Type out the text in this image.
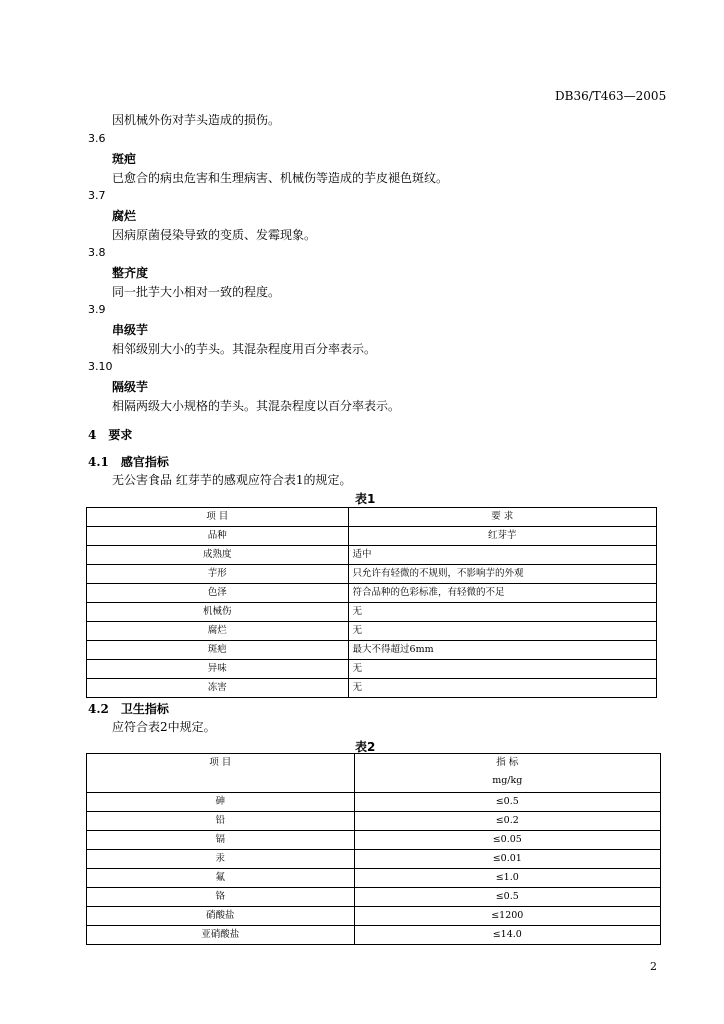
DB36/T463—2005
因机械外伤对芋头造成的损伤。
3.6
斑疤
已愈合的病虫危害和生理病害、机械伤等造成的芋皮褪色斑纹。
3.7
腐烂
因病原菌侵染导致的变质、发霉现象。
3.8
整齐度
同一批芋大小相对一致的程度。
3.9
串级芋
相邻级别大小的芋头。其混杂程度用百分率表示。
3.10
隔级芋
相隔两级大小规格的芋头。其混杂程度以百分率表示。
4　要求
4.1　感官指标
无公害食品 红芽芋的感观应符合表1的规定。
表1
项 目	要 求
品种	红芽芋
成熟度	适中
芋形	只允许有轻微的不规则，不影响芋的外观
色泽	符合品种的色彩标准，有轻微的不足
机械伤	无
腐烂	无
斑疤	最大不得超过6mm
异味	无
冻害	无
4.2　卫生指标
应符合表2中规定。
表2
项 目	指 标
mg/kg

砷	≤0.5
铅	≤0.2
镉	≤0.05
汞	≤0.01
氟	≤1.0
铬	≤0.5
硝酸盐	≤1200
亚硝酸盐	≤14.0
2
